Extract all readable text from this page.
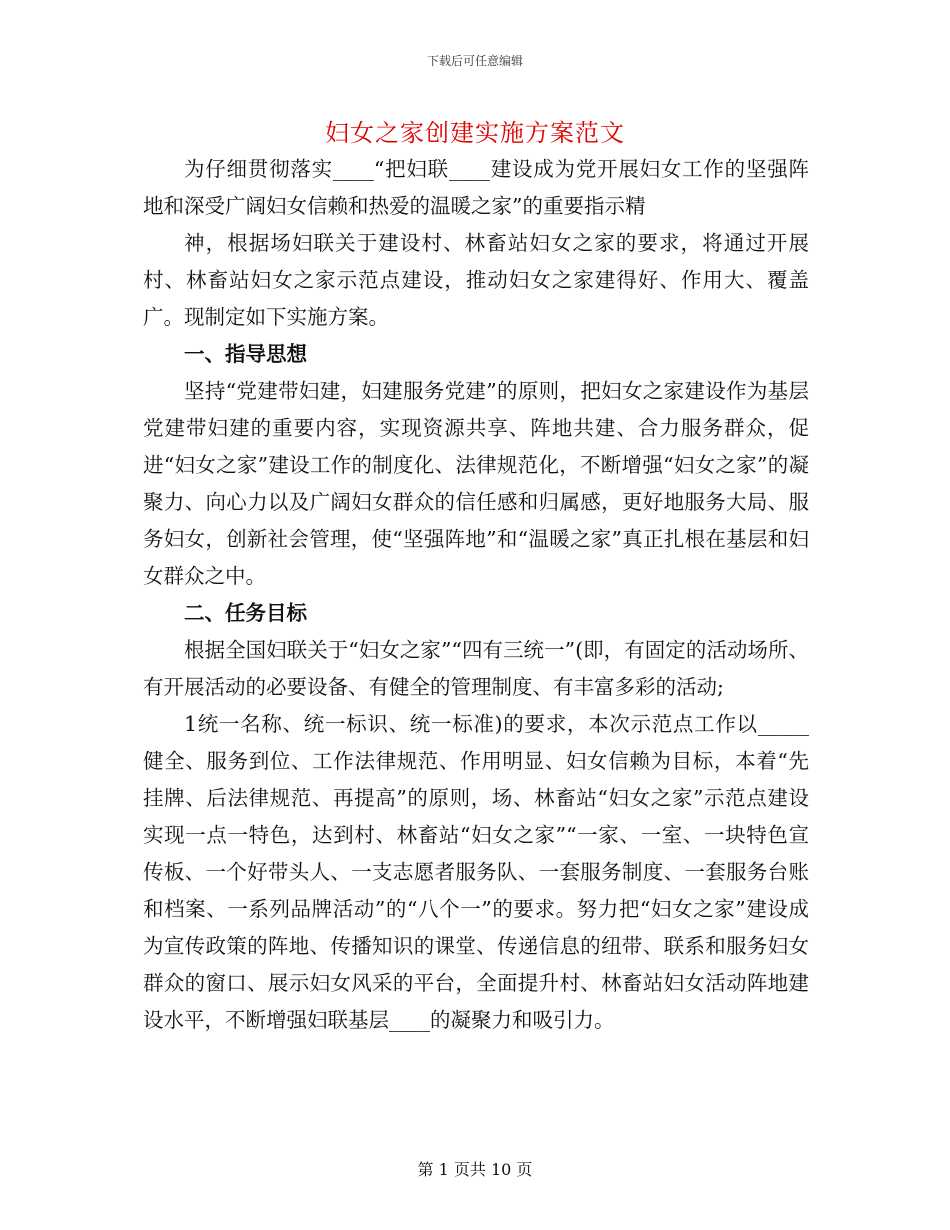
下载后可任意编辑
妇女之家创建实施方案范文

为仔细贯彻落实____“把妇联____建设成为党开展妇女工作的坚强阵地和深受广阔妇女信赖和热爱的温暖之家”的重要指示精

神，根据场妇联关于建设村、林畜站妇女之家的要求，将通过开展村、林畜站妇女之家示范点建设，推动妇女之家建得好、作用大、覆盖广。现制定如下实施方案。

一、指导思想

坚持“党建带妇建，妇建服务党建”的原则，把妇女之家建设作为基层党建带妇建的重要内容，实现资源共享、阵地共建、合力服务群众，促进“妇女之家”建设工作的制度化、法律规范化，不断增强“妇女之家”的凝聚力、向心力以及广阔妇女群众的信任感和归属感，更好地服务大局、服务妇女，创新社会管理，使“坚强阵地”和“温暖之家”真正扎根在基层和妇女群众之中。

二、任务目标

根据全国妇联关于“妇女之家”“四有三统一”(即，有固定的活动场所、有开展活动的必要设备、有健全的管理制度、有丰富多彩的活动;

1统一名称、统一标识、统一标准)的要求，本次示范点工作以_____健全、服务到位、工作法律规范、作用明显、妇女信赖为目标，本着“先挂牌、后法律规范、再提高”的原则，场、林畜站“妇女之家”示范点建设实现一点一特色，达到村、林畜站“妇女之家”“一家、一室、一块特色宣传板、一个好带头人、一支志愿者服务队、一套服务制度、一套服务台账和档案、一系列品牌活动”的“八个一”的要求。努力把“妇女之家”建设成为宣传政策的阵地、传播知识的课堂、传递信息的纽带、联系和服务妇女群众的窗口、展示妇女风采的平台，全面提升村、林畜站妇女活动阵地建设水平，不断增强妇联基层____的凝聚力和吸引力。

第 1 页共 10 页
